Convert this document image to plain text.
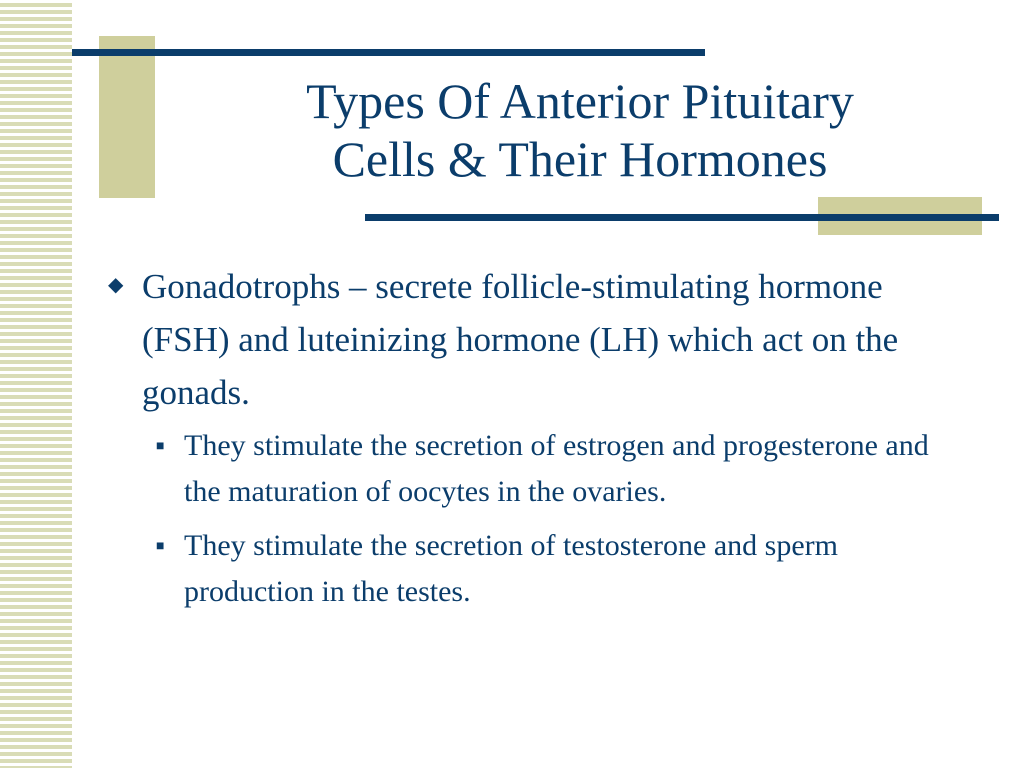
Types Of Anterior Pituitary
Cells & Their Hormones
◆ Gonadotrophs – secrete follicle-stimulating hormone (FSH) and luteinizing hormone (LH) which act on the gonads.
■ They stimulate the secretion of estrogen and progesterone and the maturation of oocytes in the ovaries.
■ They stimulate the secretion of testosterone and sperm production in the testes.
